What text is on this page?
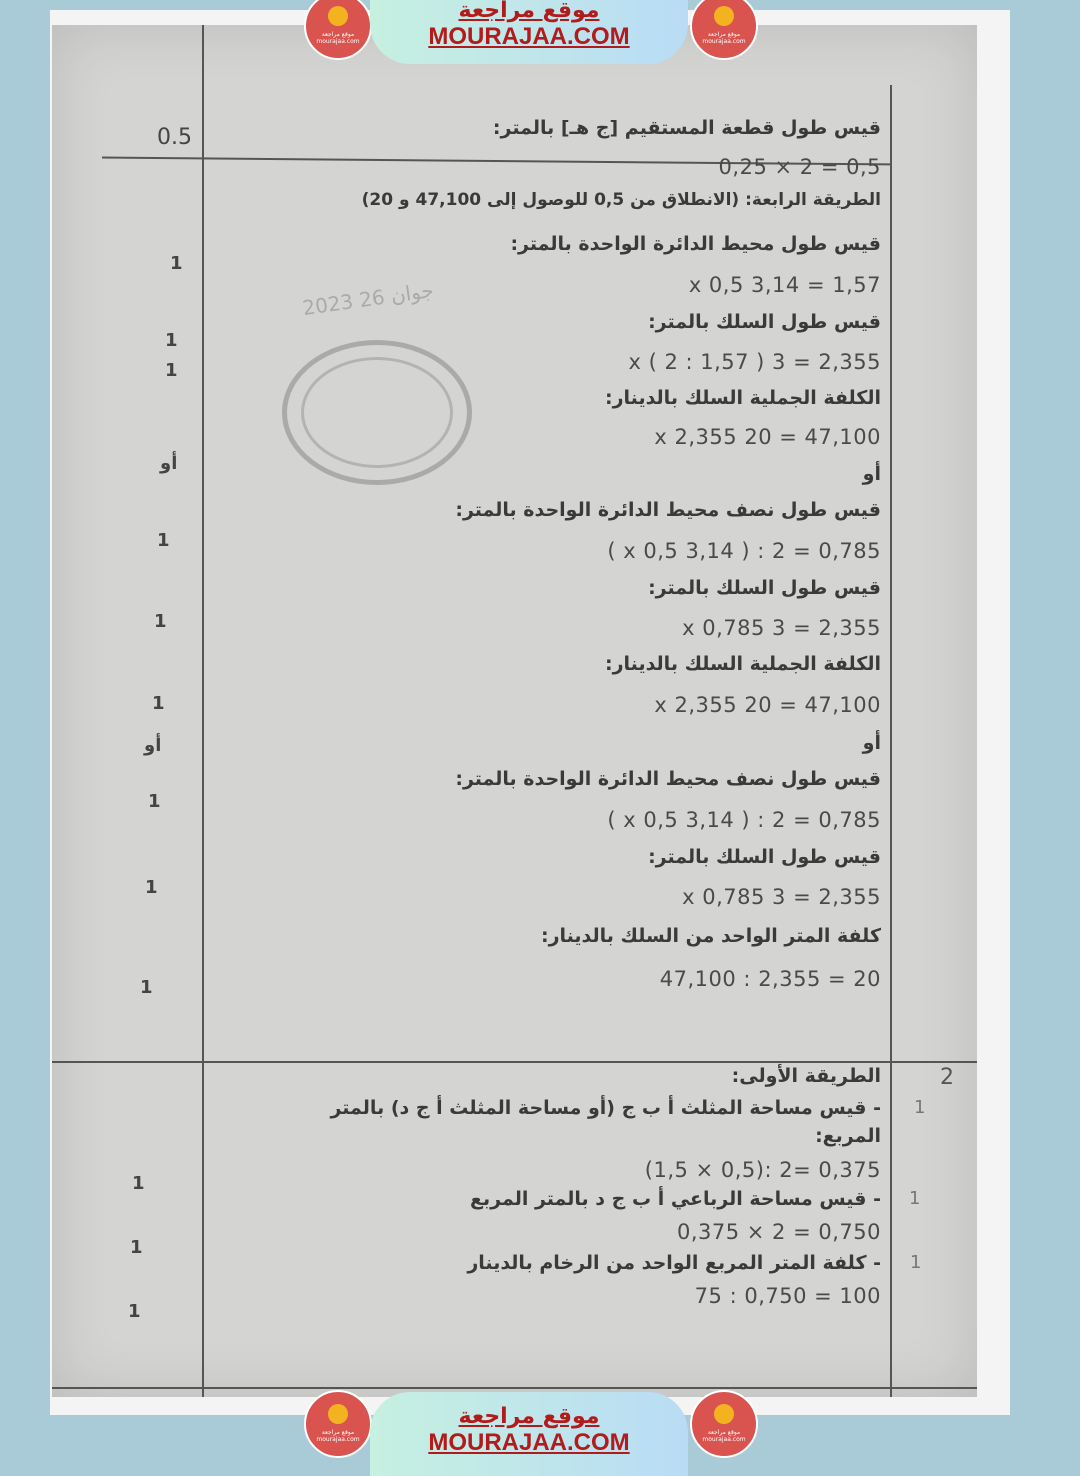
2023 جوان 26
0.5
2
قيس طول قطعة المستقيم [ج هـ] بالمتر:
0,5 = 2 × 0,25
الطريقة الرابعة: (الانطلاق من 0,5 للوصول إلى 47,100 و 20)
قيس طول محيط الدائرة الواحدة بالمتر:
1,57 = 3,14 x 0,5
قيس طول السلك بالمتر:
2,355 = 3 x ( 2 : 1,57 )
الكلفة الجملية السلك بالدينار:
47,100 = 20 x 2,355
أو
قيس طول نصف محيط الدائرة الواحدة بالمتر:
0,785 = 2 : ( 3,14 x 0,5 )
قيس طول السلك بالمتر:
2,355 = 3 x 0,785
الكلفة الجملية السلك بالدينار:
47,100 = 20 x 2,355
أو
قيس طول نصف محيط الدائرة الواحدة بالمتر:
0,785 = 2 : ( 3,14 x 0,5 )
قيس طول السلك بالمتر:
2,355 = 3 x 0,785
كلفة المتر الواحد من السلك بالدينار:
20 = 2,355 : 47,100
الطريقة الأولى:
- قيس مساحة المثلث أ ب ج (أو مساحة المثلث أ ج د) بالمتر
المربع:
0,375 =2 :(0,5 × 1,5)
- قيس مساحة الرباعي أ ب ج د بالمتر المربع
0,750 = 2 × 0,375
- كلفة المتر المربع الواحد من الرخام بالدينار
100 = 0,750 : 75
1
1
1
أو
1
1
1
أو
1
1
1
1
1
1
1
1
1
موقع مراجعة mourajaa.com
موقع مراجعة
MOURAJAA.COM	موقع مراجعة mourajaa.com
موقع مراجعة mourajaa.com
موقع مراجعة
MOURAJAA.COM	موقع مراجعة mourajaa.com
